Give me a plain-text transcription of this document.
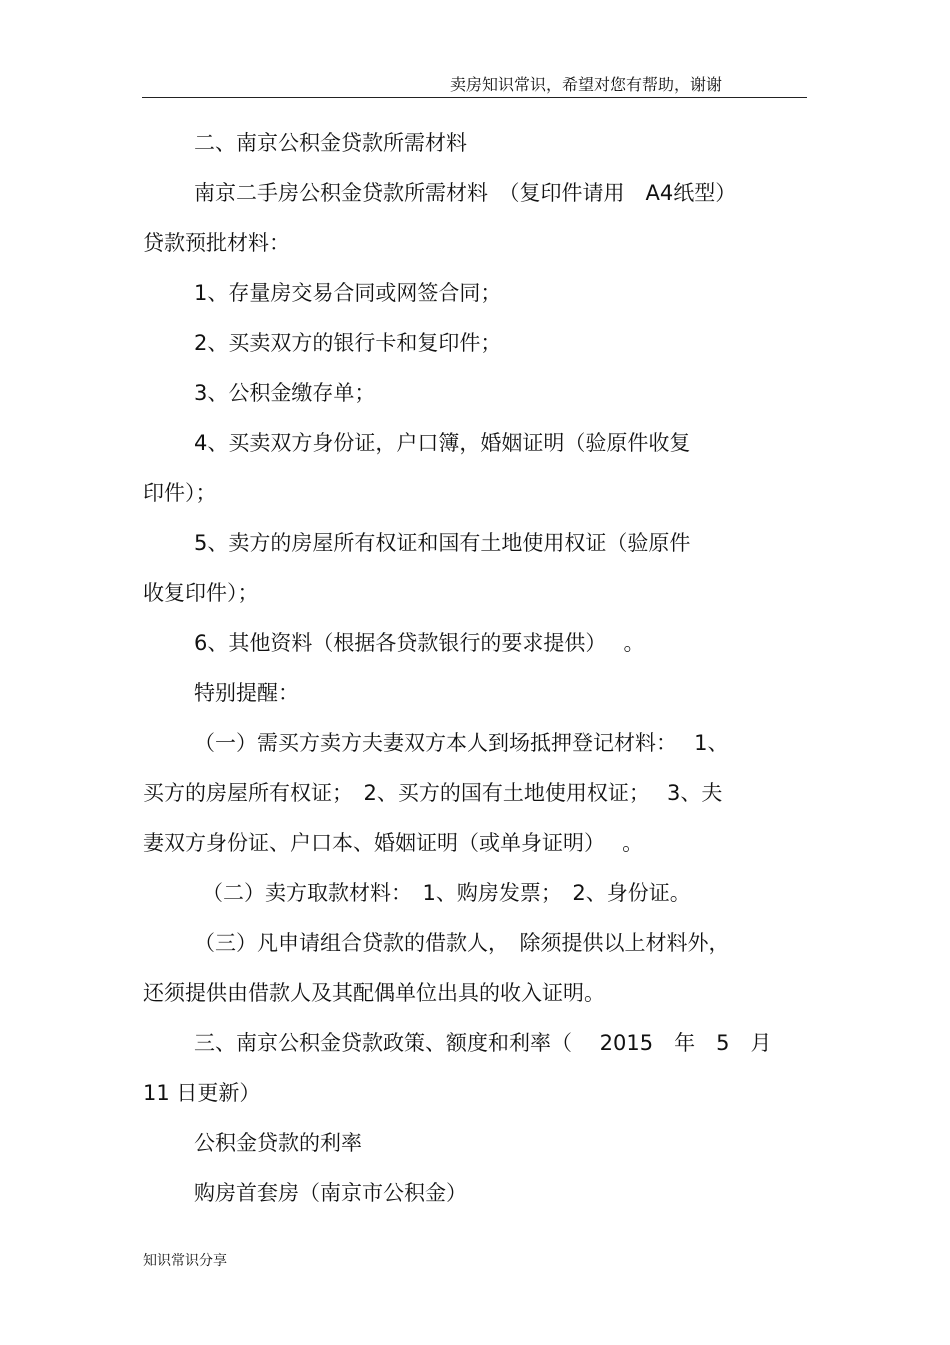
卖房知识常识，希望对您有帮助，谢谢
二、南京公积金贷款所需材料
南京二手房公积金贷款所需材料　（复印件请用　A4纸型）
贷款预批材料：
1、存量房交易合同或网签合同；
2、买卖双方的银行卡和复印件；
3、公积金缴存单；
4、买卖双方身份证，户口簿，婚姻证明（验原件收复
印件）；
5、卖方的房屋所有权证和国有土地使用权证（验原件
收复印件）；
6、其他资料（根据各贷款银行的要求提供）　 。
特别提醒：
（一）需买方卖方夫妻双方本人到场抵押登记材料：　 1、
买方的房屋所有权证；　2、买方的国有土地使用权证；　 3、夫
妻双方身份证、户口本、婚姻证明（或单身证明）　 。
（二）卖方取款材料：　1、购房发票；　2、身份证。
（三）凡申请组合贷款的借款人，　除须提供以上材料外，
还须提供由借款人及其配偶单位出具的收入证明。
三、南京公积金贷款政策、额度和利率（　 2015　年　5　月
11 日更新）
公积金贷款的利率
购房首套房（南京市公积金）
知识常识分享
